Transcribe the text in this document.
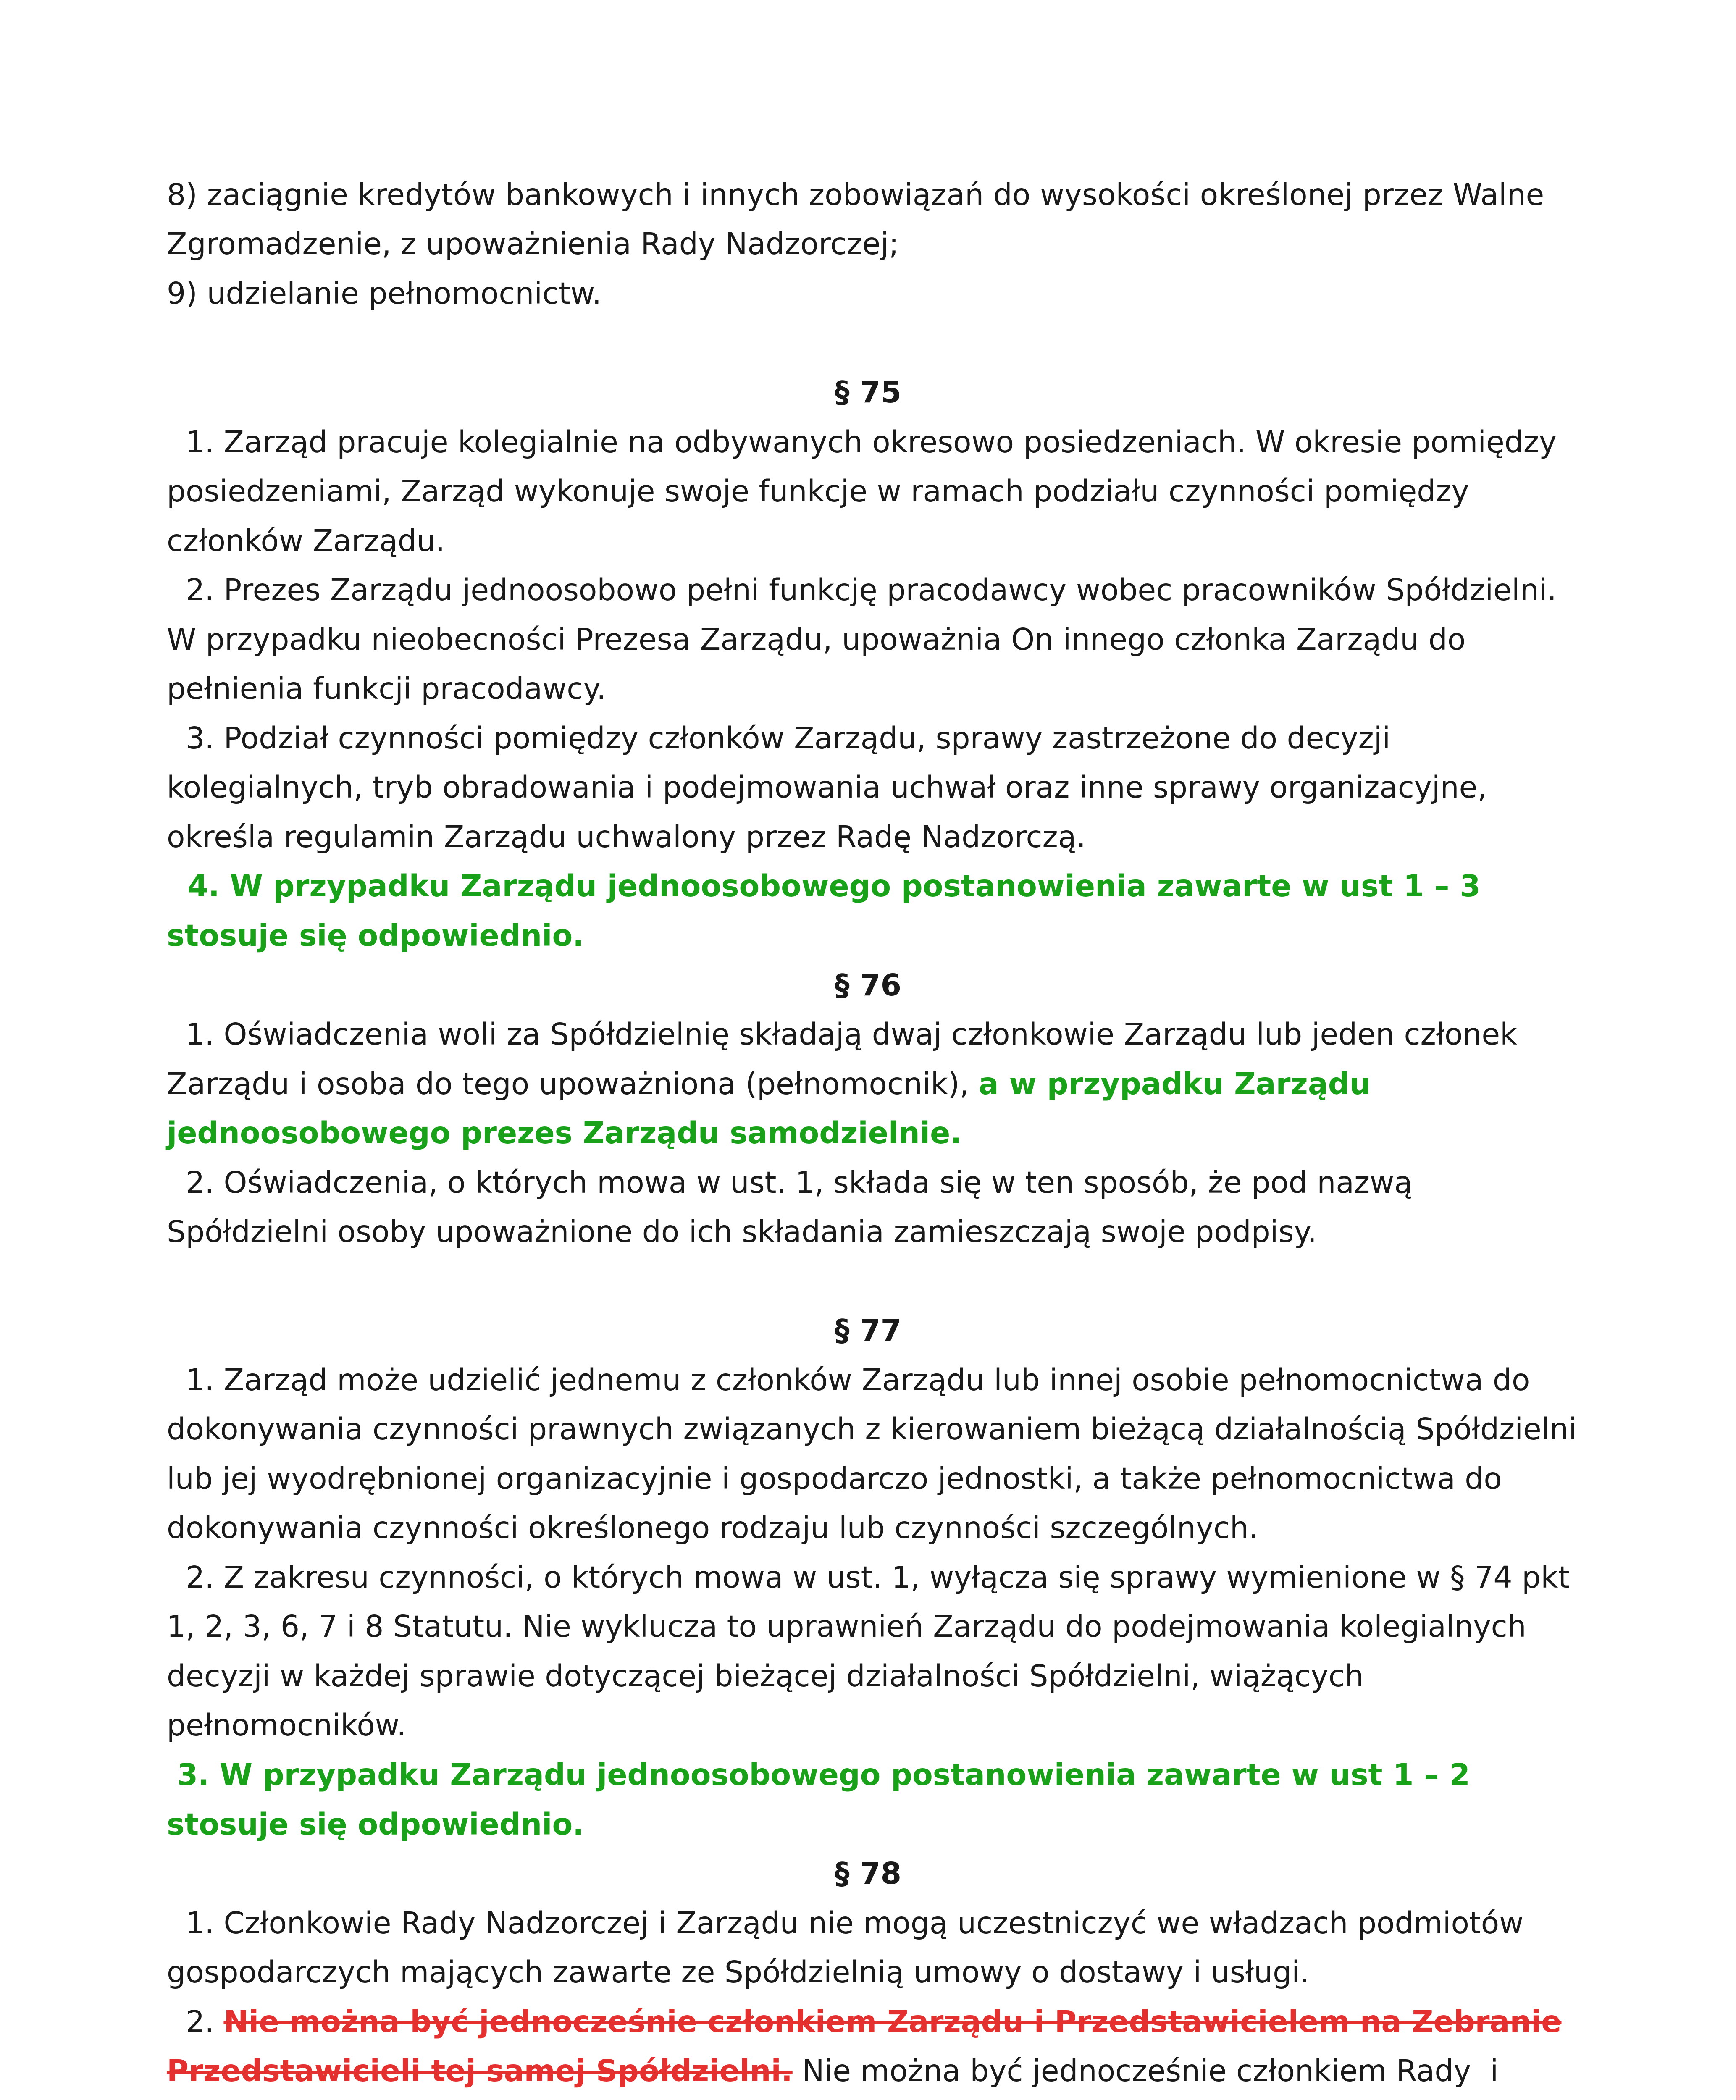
8) zaciągnie kredytów bankowych i innych zobowiązań do wysokości określonej przez Walne
Zgromadzenie, z upoważnienia Rady Nadzorczej;
9) udzielanie pełnomocnictw.
§ 75
1. Zarząd pracuje kolegialnie na odbywanych okresowo posiedzeniach. W okresie pomiędzy
posiedzeniami, Zarząd wykonuje swoje funkcje w ramach podziału czynności pomiędzy
członków Zarządu.
2. Prezes Zarządu jednoosobowo pełni funkcję pracodawcy wobec pracowników Spółdzielni.
W przypadku nieobecności Prezesa Zarządu, upoważnia On innego członka Zarządu do
pełnienia funkcji pracodawcy.
3. Podział czynności pomiędzy członków Zarządu, sprawy zastrzeżone do decyzji
kolegialnych, tryb obradowania i podejmowania uchwał oraz inne sprawy organizacyjne,
określa regulamin Zarządu uchwalony przez Radę Nadzorczą.
4. W przypadku Zarządu jednoosobowego postanowienia zawarte w ust 1 – 3
stosuje się odpowiednio.
§ 76
1. Oświadczenia woli za Spółdzielnię składają dwaj członkowie Zarządu lub jeden członek
Zarządu i osoba do tego upoważniona (pełnomocnik), a w przypadku Zarządu
jednoosobowego prezes Zarządu samodzielnie.
2. Oświadczenia, o których mowa w ust. 1, składa się w ten sposób, że pod nazwą
Spółdzielni osoby upoważnione do ich składania zamieszczają swoje podpisy.
§ 77
1. Zarząd może udzielić jednemu z członków Zarządu lub innej osobie pełnomocnictwa do
dokonywania czynności prawnych związanych z kierowaniem bieżącą działalnością Spółdzielni
lub jej wyodrębnionej organizacyjnie i gospodarczo jednostki, a także pełnomocnictwa do
dokonywania czynności określonego rodzaju lub czynności szczególnych.
2. Z zakresu czynności, o których mowa w ust. 1, wyłącza się sprawy wymienione w § 74 pkt
1, 2, 3, 6, 7 i 8 Statutu. Nie wyklucza to uprawnień Zarządu do podejmowania kolegialnych
decyzji w każdej sprawie dotyczącej bieżącej działalności Spółdzielni, wiążących
pełnomocników.
3. W przypadku Zarządu jednoosobowego postanowienia zawarte w ust 1 – 2
stosuje się odpowiednio.
§ 78
1. Członkowie Rady Nadzorczej i Zarządu nie mogą uczestniczyć we władzach podmiotów
gospodarczych mających zawarte ze Spółdzielnią umowy o dostawy i usługi.
2. Nie można być jednocześnie członkiem Zarządu i Przedstawicielem na Zebranie
Przedstawicieli tej samej Spółdzielni. Nie można być jednocześnie członkiem Rady  i
